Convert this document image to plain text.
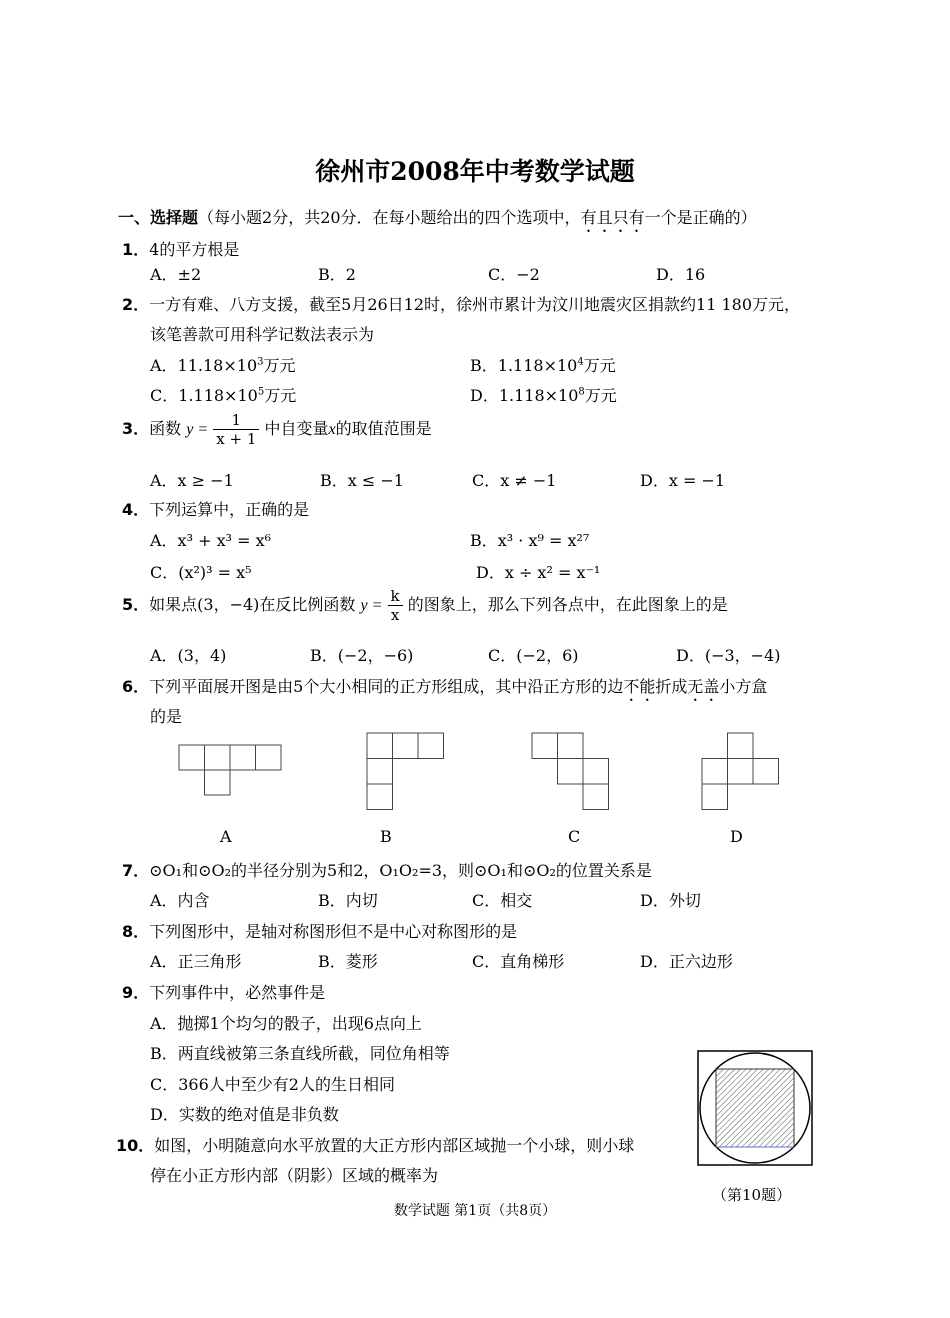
徐州市2008年中考数学试题
一、选择题（每小题2分，共20分．在每小题给出的四个选项中，有且只有一个是正确的）
1．4的平方根是
A．±2	B．2	C．−2	D．16
2．一方有难、八方支援，截至5月26日12时，徐州市累计为汶川地震灾区捐款约11 180万元，
该笔善款可用科学记数法表示为
A．$11.18\times 10^3$万元	B．$1.118\times 10^4$万元
C．$1.118\times 10^5$万元	D．$1.118\times 10^8$万元
3．函数 $y = \frac{1}{x + 1}$ 中自变量x的取值范围是
A．x ≥ −1	B．x ≤ −1	C．x ≠ −1	D．x = −1
4．下列运算中，正确的是
A．x³ + x³ = x⁶	B．x³ · x⁹ = x²⁷
C．(x²)³ = x⁵	D．x ÷ x² = x⁻¹
5．如果点(3，−4)在反比例函数 $y = \frac{k}{x}$ 的图象上，那么下列各点中，在此图象上的是
A．(3，4)	B．(−2，−6)	C．(−2，6)	D．(−3，−4)
6．下列平面展开图是由5个大小相同的正方形组成，其中沿正方形的边不能折成无盖小方盒
的是
A	B	C	D
7．⊙O₁和⊙O₂的半径分别为5和2，O₁O₂=3，则⊙O₁和⊙O₂的位置关系是
A．内含	B．内切	C．相交	D．外切
8．下列图形中，是轴对称图形但不是中心对称图形的是
A．正三角形	B．菱形	C．直角梯形	D．正六边形
9．下列事件中，必然事件是
A．抛掷1个均匀的骰子，出现6点向上
B．两直线被第三条直线所截，同位角相等
C．366人中至少有2人的生日相同
D．实数的绝对值是非负数
10．如图，小明随意向水平放置的大正方形内部区域抛一个小球，则小球
停在小正方形内部（阴影）区域的概率为
（第10题）
数学试题 第1页（共8页）
